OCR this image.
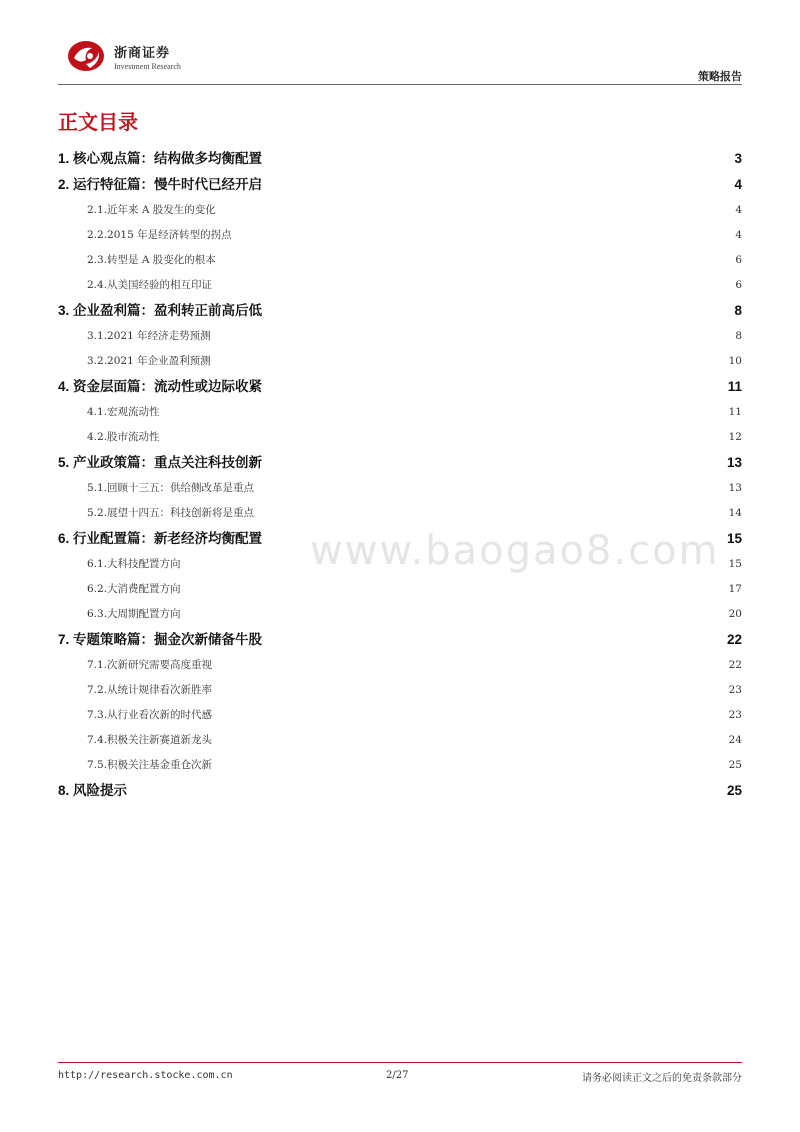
浙商证券
Investment Research
策略报告
正文目录
1. 核心观点篇：结构做多均衡配置	3
2. 运行特征篇：慢牛时代已经开启	4
2.1.近年来 A 股发生的变化	4
2.2.2015 年是经济转型的拐点	4
2.3.转型是 A 股变化的根本	6
2.4.从美国经验的相互印证	6
3. 企业盈利篇：盈利转正前高后低	8
3.1.2021 年经济走势预测	8
3.2.2021 年企业盈利预测	10
4. 资金层面篇：流动性或边际收紧	11
4.1.宏观流动性	11
4.2.股市流动性	12
5. 产业政策篇：重点关注科技创新	13
5.1.回顾十三五：供给侧改革是重点	13
5.2.展望十四五：科技创新将是重点	14
6. 行业配置篇：新老经济均衡配置	15
6.1.大科技配置方向	15
6.2.大消费配置方向	17
6.3.大周期配置方向	20
7. 专题策略篇：掘金次新储备牛股	22
7.1.次新研究需要高度重视	22
7.2.从统计规律看次新胜率	23
7.3.从行业看次新的时代感	23
7.4.积极关注新赛道新龙头	24
7.5.积极关注基金重仓次新	25
8. 风险提示	25
www.baogao8.com
http://research.stocke.com.cn	2/27	请务必阅读正文之后的免责条款部分
